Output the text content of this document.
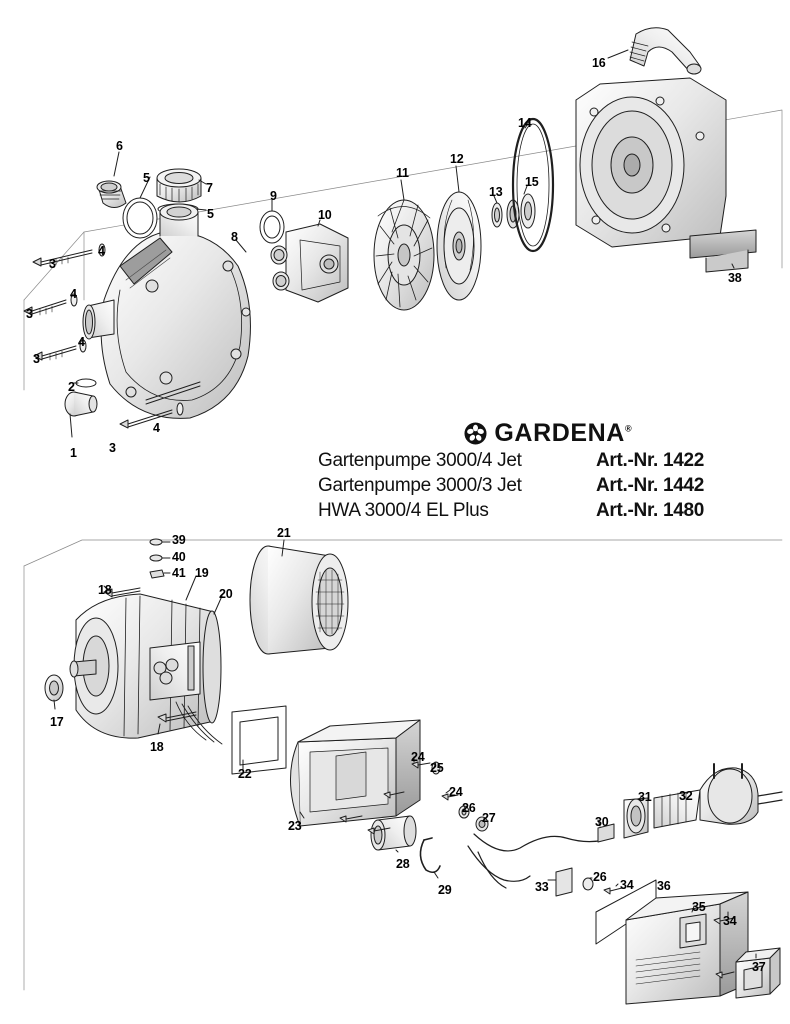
1
2
3
3
3
3
4
4
4
4
5
5
6
7
8
9
10
11
12
13
14
15
16
38
17
18
18
19
20
21
22
23
24
24
25
26
26
27
28
29
30
31 32
33	34
34
35
36
37
39
40
41
GARDENA®
Gartenpumpe 3000/4 Jet	Art.-Nr. 1422
Gartenpumpe 3000/3 Jet	Art.-Nr. 1442
HWA 3000/4 EL Plus	Art.-Nr. 1480
